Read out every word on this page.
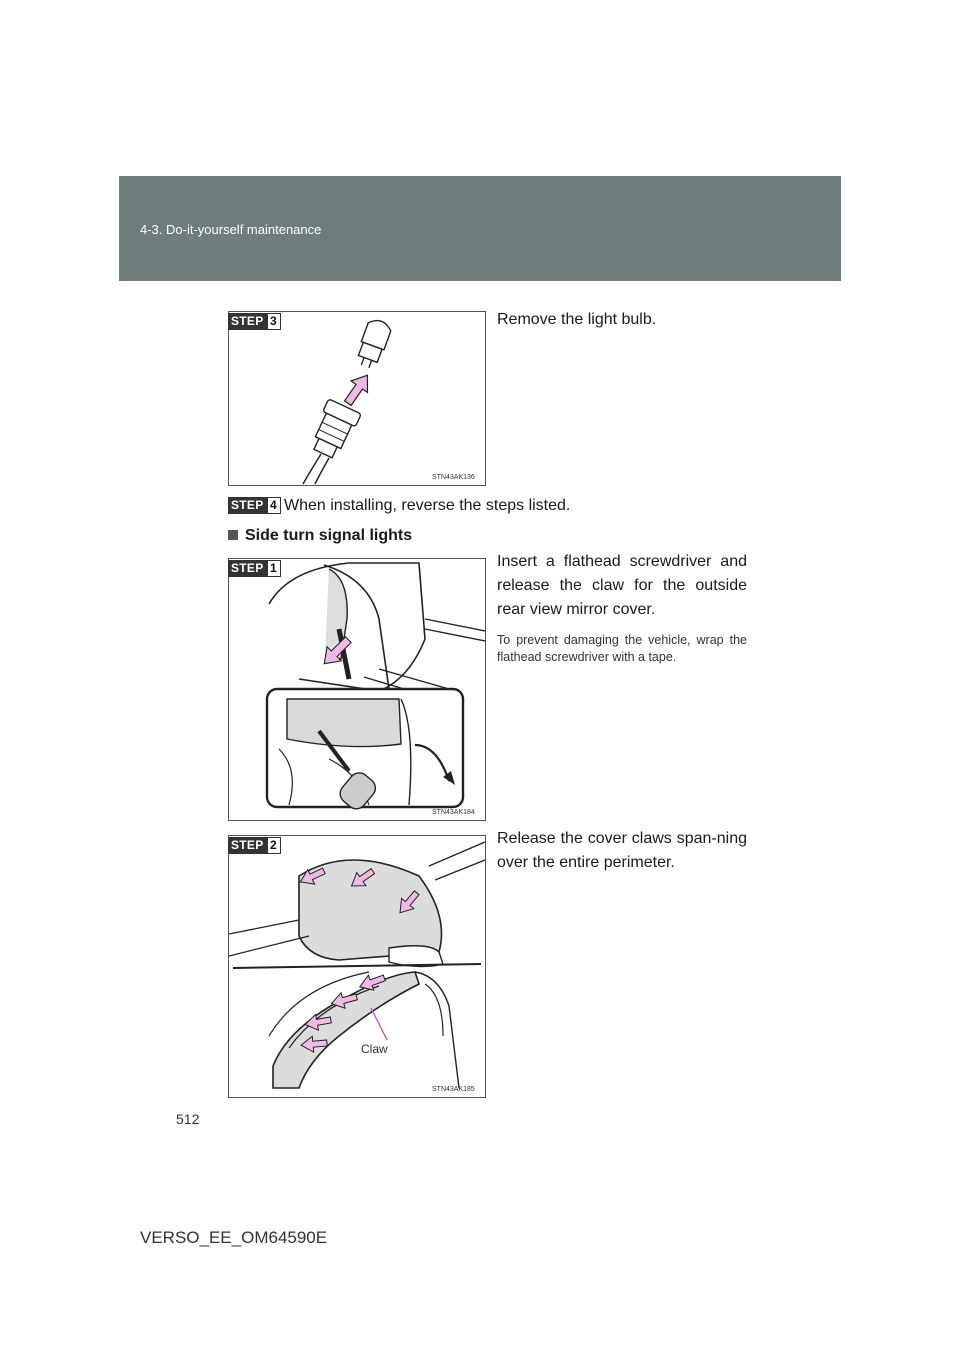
4-3. Do-it-yourself maintenance
STEP 3
STN43AK136
Remove the light bulb.
STEP 4 When installing, reverse the steps listed.
Side turn signal lights
STEP 1
STN43AK184
Insert a flathead screwdriver and release the claw for the outside rear view mirror cover.
To prevent damaging the vehicle, wrap the flathead screwdriver with a tape.
STEP 2
Claw
STN43AK185
Release the cover claws span-ning over the entire perimeter.
512
VERSO_EE_OM64590E
